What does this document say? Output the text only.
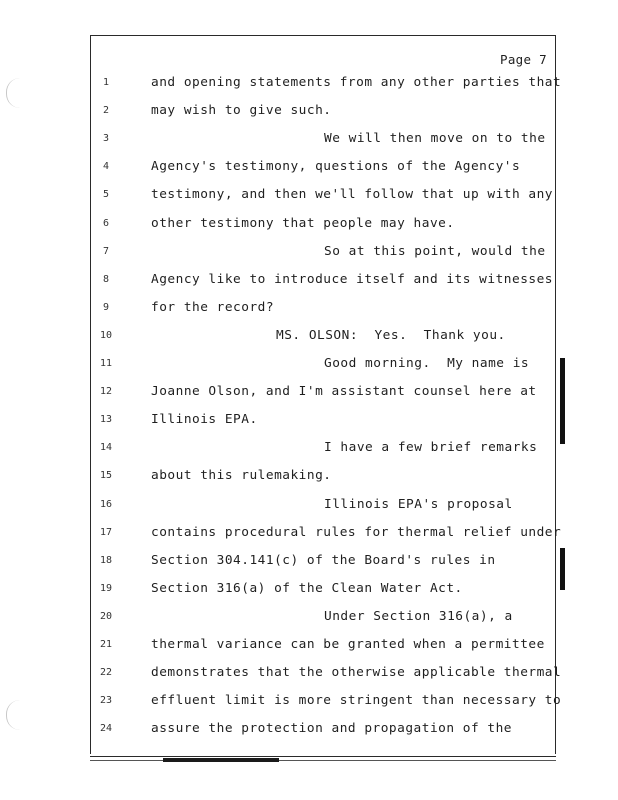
Page 7
1	and opening statements from any other parties that
2	may wish to give such.
3	We will then move on to the
4	Agency's testimony, questions of the Agency's
5	testimony, and then we'll follow that up with any
6	other testimony that people may have.
7	So at this point, would the
8	Agency like to introduce itself and its witnesses
9	for the record?
10	MS. OLSON:  Yes.  Thank you.
11	Good morning.  My name is
12	Joanne Olson, and I'm assistant counsel here at
13	Illinois EPA.
14	I have a few brief remarks
15	about this rulemaking.
16	Illinois EPA's proposal
17	contains procedural rules for thermal relief under
18	Section 304.141(c) of the Board's rules in
19	Section 316(a) of the Clean Water Act.
20	Under Section 316(a), a
21	thermal variance can be granted when a permittee
22	demonstrates that the otherwise applicable thermal
23	effluent limit is more stringent than necessary to
24	assure the protection and propagation of the
